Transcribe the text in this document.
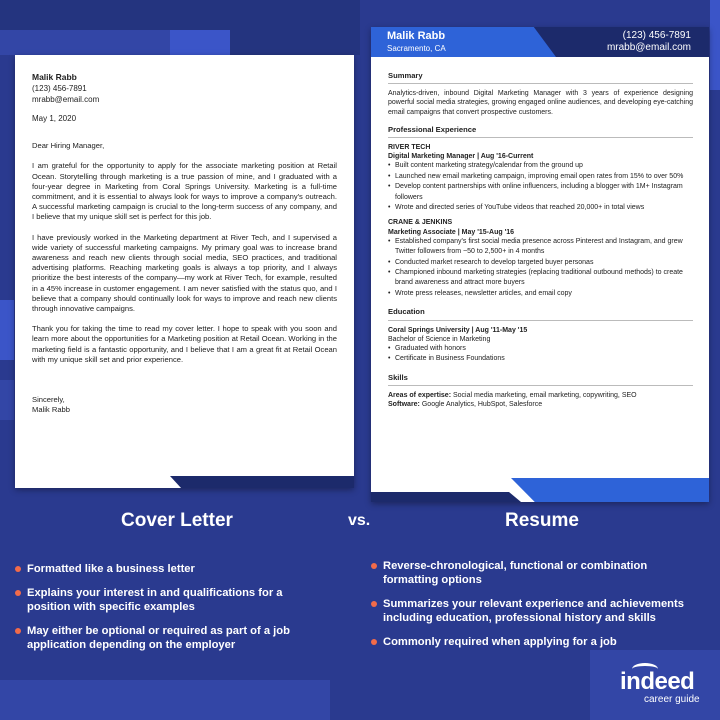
Malik Rabb
(123) 456-7891
mrabb@email.com
May 1, 2020
Dear Hiring Manager,

I am grateful for the opportunity to apply for the associate marketing position at Retail Ocean. Storytelling through marketing is a true passion of mine, and I graduated with a four-year degree in Marketing from Coral Springs University. Marketing is a full-time commitment, and it is essential to always look for ways to improve a company's outreach. A successful marketing campaign is crucial to the long-term success of any company, and I believe that my unique skill set is perfect for this job.

I have previously worked in the Marketing department at River Tech, and I supervised a wide variety of successful marketing campaigns. My primary goal was to increase brand awareness and reach new clients through social media, SEO practices, and traditional advertising platforms. Reaching marketing goals is always a top priority, and I always prioritize the best interests of the company—my work at River Tech, for example, resulted in a 45% increase in customer engagement. I am never satisfied with the status quo, and I believe that a company should continually look for ways to improve and reach new clients through innovative campaigns.

Thank you for taking the time to read my cover letter. I hope to speak with you soon and learn more about the opportunities for a Marketing position at Retail Ocean. Working in the marketing field is a fantastic opportunity, and I believe that I am a great fit at Retail Ocean with my unique skill set and prior experience.

Sincerely,
Malik Rabb
Malik Rabb
Sacramento, CA
(123) 456-7891
mrabb@email.com
Summary
Analytics-driven, inbound Digital Marketing Manager with 3 years of experience designing powerful social media strategies, growing engaged online audiences, and developing eye-catching email campaigns that convert prospective customers.
Professional Experience
RIVER TECH
Digital Marketing Manager | Aug '16-Current
• Built content marketing strategy/calendar from the ground up
• Launched new email marketing campaign, improving email open rates from 15% to over 50%
• Develop content partnerships with online influencers, including a blogger with 1M+ Instagram followers
• Wrote and directed series of YouTube videos that reached 20,000+ in total views
CRANE & JENKINS
Marketing Associate | May '15-Aug '16
• Established company's first social media presence across Pinterest and Instagram, and grew Twitter followers from ~50 to 2,500+ in 4 months
• Conducted market research to develop targeted buyer personas
• Championed inbound marketing strategies (replacing traditional outbound methods) to create brand awareness and attract more buyers
• Wrote press releases, newsletter articles, and email copy
Education
Coral Springs University | Aug '11-May '15
Bachelor of Science in Marketing
• Graduated with honors
• Certificate in Business Foundations
Skills
Areas of expertise: Social media marketing, email marketing, copywriting, SEO
Software: Google Analytics, HubSpot, Salesforce
Cover Letter	vs.	Resume
Formatted like a business letter
Explains your interest in and qualifications for a position with specific examples
May either be optional or required as part of a job application depending on the employer
Reverse-chronological, functional or combination formatting options
Summarizes your relevant experience and achievements including education, professional history and skills
Commonly required when applying for a job
indeed
career guide
